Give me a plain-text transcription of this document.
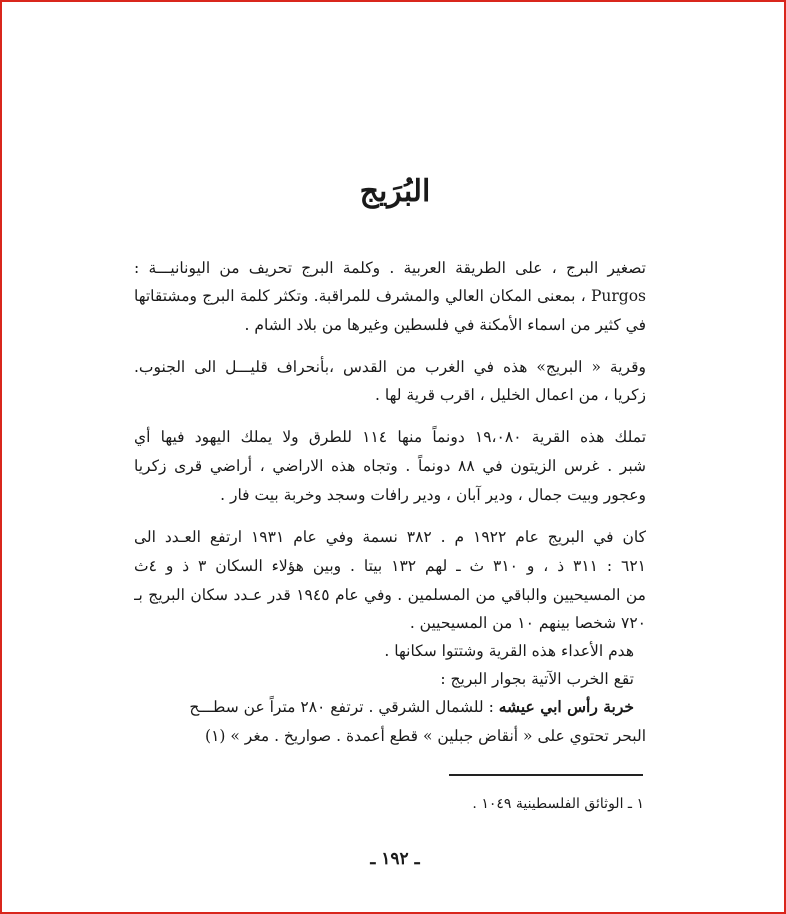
البُرَيج
تصغير البرج ، على الطريقة العربية . وكلمة البرج تحريف من اليونانيـــة :
Purgos ، بمعنى المكان العالي والمشرف للمراقبة. وتكثر كلمة البرج ومشتقاتها
في كثير من اسماء الأمكنة في فلسطين وغيرها من بلاد الشام .
وقرية « البريج» هذه في الغرب من القدس ،بأنحراف قليـــل الى الجنوب.
زكريا ، من اعمال الخليل ، اقرب قرية لها .
تملك هذه القرية ١٩،٠٨٠ دونماً منها ١١٤ للطرق ولا يملك اليهود فيها أي
شبر . غرس الزيتون في ٨٨ دونماً . وتجاه هذه الاراضي ، أراضي قرى زكريا
وعجور وبيت جمال ، ودير آبان ، ودير رافات وسجد وخربة بيت فار .
كان في البريج عام ١٩٢٢ م . ٣٨٢ نسمة وفي عام ١٩٣١ ارتفع العـدد الى
٦٢١ : ٣١١ ذ ، و ٣١٠ ث ـ لهم ١٣٢ بيتا . وبين هؤلاء السكان ٣ ذ و ٤ث
من المسيحيين والباقي من المسلمين . وفي عام ١٩٤٥ قدر عـدد سكان البريج بـ
٧٢٠ شخصا بينهم ١٠ من المسيحيين .
هدم الأعداء هذه القرية وشتتوا سكانها .
تقع الخرب الآتية بجوار البريج :
خربة رأس ابي عيشه : للشمال الشرقي . ترتفع ٢٨٠ متراً عن سطـــح
البحر تحتوي على « أنقاض جبلين » قطع أعمدة . صواريخ . مغر » (١)
١ ـ الوثائق الفلسطينية ١٠٤٩ .
ـ ١٩٢ ـ
